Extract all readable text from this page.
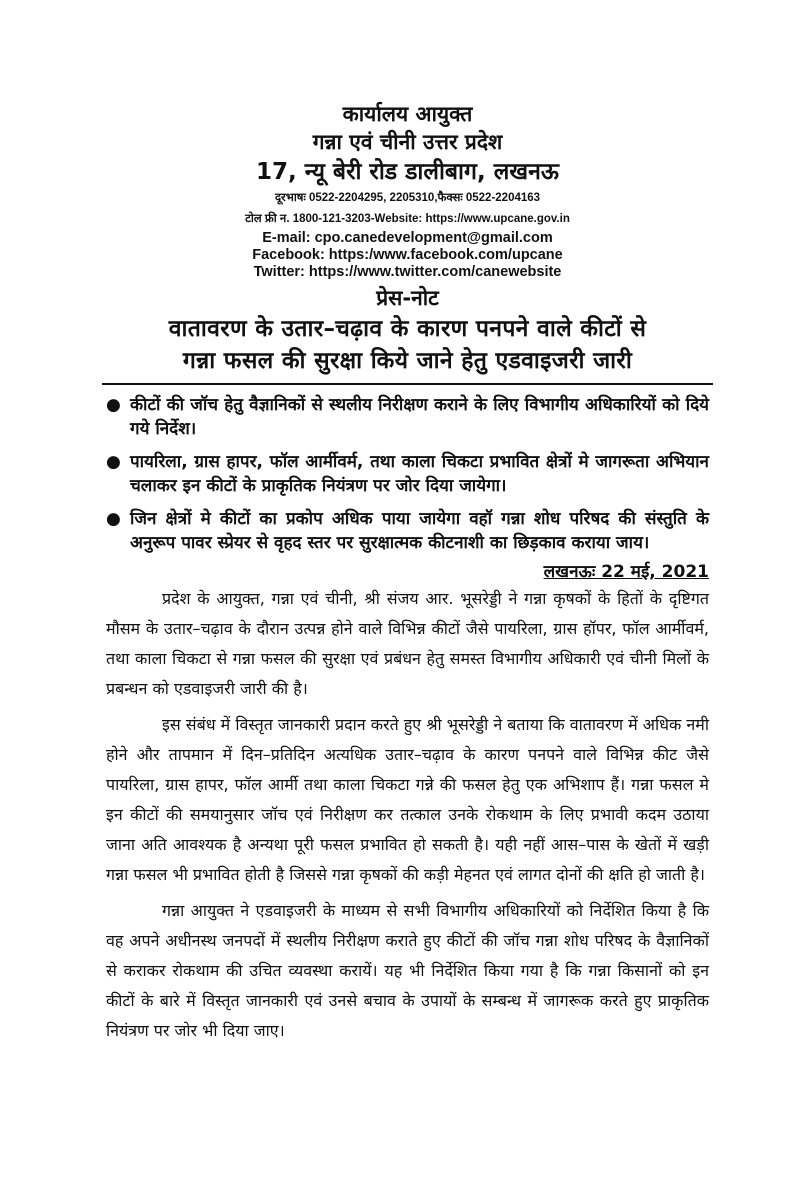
कार्यालय आयुक्त
गन्ना एवं चीनी उत्तर प्रदेश
17, न्यू बेरी रोड डालीबाग, लखनऊ
दूरभाषः 0522-2204295, 2205310,फैक्सः 0522-2204163
टोल फ्री न. 1800-121-3203-Website: https://www.upcane.gov.in
E-mail: cpo.canedevelopment@gmail.com
Facebook: https:/www.facebook.com/upcane
Twitter: https://www.twitter.com/canewebsite
प्रेस-नोट
वातावरण के उतार–चढ़ाव के कारण पनपने वाले कीटों से
गन्ना फसल की सुरक्षा किये जाने हेतु एडवाइजरी जारी
● कीटों की जॉच हेतु वैज्ञानिकों से स्थलीय निरीक्षण कराने के लिए विभागीय अधिकारियों को दिये गये निर्देश।
● पायरिला, ग्रास हापर, फॉल आर्मीवर्म, तथा काला चिकटा प्रभावित क्षेत्रों मे जागरूता अभियान चलाकर इन कीटों के प्राकृतिक नियंत्रण पर जोर दिया जायेगा।
● जिन क्षेत्रों मे कीटों का प्रकोप अधिक पाया जायेगा वहॉ गन्ना शोध परिषद की संस्तुति के अनुरूप पावर स्प्रेयर से वृहद स्तर पर सुरक्षात्मक कीटनाशी का छिड़काव कराया जाय।
लखनऊः 22 मई, 2021

प्रदेश के आयुक्त, गन्ना एवं चीनी, श्री संजय आर. भूसरेड्डी ने गन्ना कृषकों के हितों के दृष्टिगत मौसम के उतार–चढ़ाव के दौरान उत्पन्न होने वाले विभिन्न कीटों जैसे पायरिला, ग्रास हॉपर, फॉल आर्मीवर्म, तथा काला चिकटा से गन्ना फसल की सुरक्षा एवं प्रबंधन हेतु समस्त विभागीय अधिकारी एवं चीनी मिलों के प्रबन्धन को एडवाइजरी जारी की है।

इस संबंध में विस्तृत जानकारी प्रदान करते हुए श्री भूसरेड्डी ने बताया कि वातावरण में अधिक नमी होने और तापमान में दिन–प्रतिदिन अत्यधिक उतार–चढ़ाव के कारण पनपने वाले विभिन्न कीट जैसे पायरिला, ग्रास हापर, फॉल आर्मी तथा काला चिकटा गन्ने की फसल हेतु एक अभिशाप हैं। गन्ना फसल मे इन कीटों की समयानुसार जॉच एवं निरीक्षण कर तत्काल उनके रोकथाम के लिए प्रभावी कदम उठाया जाना अति आवश्यक है अन्यथा पूरी फसल प्रभावित हो सकती है। यही नहीं आस–पास के खेतों में खड़ी गन्ना फसल भी प्रभावित होती है जिससे गन्ना कृषकों की कड़ी मेहनत एवं लागत दोनों की क्षति हो जाती है।

गन्ना आयुक्त ने एडवाइजरी के माध्यम से सभी विभागीय अधिकारियों को निर्देशित किया है कि वह अपने अधीनस्थ जनपदों में स्थलीय निरीक्षण कराते हुए कीटों की जॉच गन्ना शोध परिषद के वैज्ञानिकों से कराकर रोकथाम की उचित व्यवस्था करायें। यह भी निर्देशित किया गया है कि गन्ना किसानों को इन कीटों के बारे में विस्तृत जानकारी एवं उनसे बचाव के उपायों के सम्बन्ध में जागरूक करते हुए प्राकृतिक नियंत्रण पर जोर भी दिया जाए।
